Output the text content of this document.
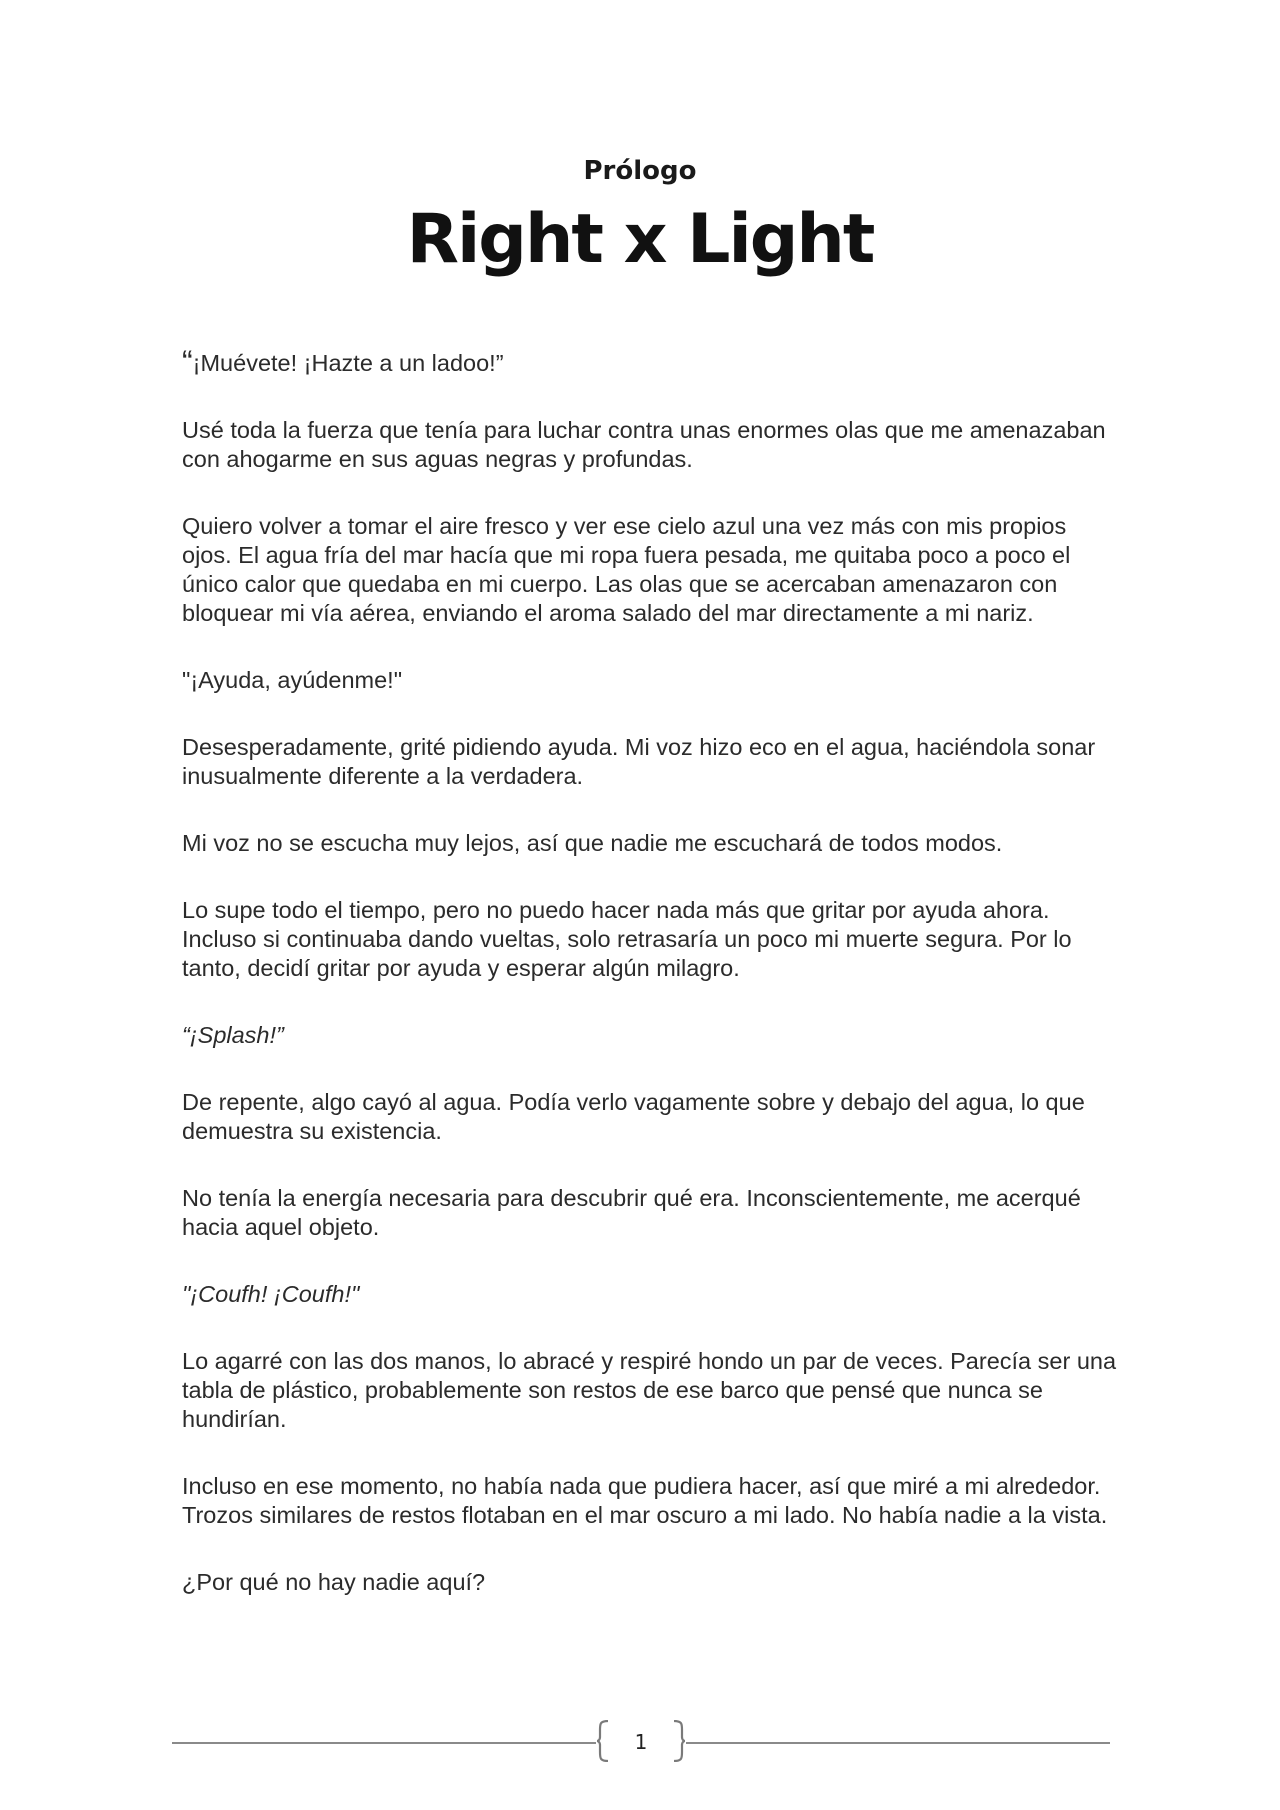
Prólogo
Right x Light

“¡Muévete! ¡Hazte a un ladoo!”

Usé toda la fuerza que tenía para luchar contra unas enormes olas que me amenazaban con ahogarme en sus aguas negras y profundas.

Quiero volver a tomar el aire fresco y ver ese cielo azul una vez más con mis propios ojos. El agua fría del mar hacía que mi ropa fuera pesada, me quitaba poco a poco el único calor que quedaba en mi cuerpo. Las olas que se acercaban amenazaron con bloquear mi vía aérea, enviando el aroma salado del mar directamente a mi nariz.

"¡Ayuda, ayúdenme!"

Desesperadamente, grité pidiendo ayuda. Mi voz hizo eco en el agua, haciéndola sonar inusualmente diferente a la verdadera.

Mi voz no se escucha muy lejos, así que nadie me escuchará de todos modos.

Lo supe todo el tiempo, pero no puedo hacer nada más que gritar por ayuda ahora. Incluso si continuaba dando vueltas, solo retrasaría un poco mi muerte segura. Por lo tanto, decidí gritar por ayuda y esperar algún milagro.

“¡Splash!”

De repente, algo cayó al agua. Podía verlo vagamente sobre y debajo del agua, lo que demuestra su existencia.

No tenía la energía necesaria para descubrir qué era. Inconscientemente, me acerqué hacia aquel objeto.

"¡Coufh! ¡Coufh!"

Lo agarré con las dos manos, lo abracé y respiré hondo un par de veces. Parecía ser una tabla de plástico, probablemente son restos de ese barco que pensé que nunca se hundirían.

Incluso en ese momento, no había nada que pudiera hacer, así que miré a mi alrededor. Trozos similares de restos flotaban en el mar oscuro a mi lado. No había nadie a la vista.

¿Por qué no hay nadie aquí?

1
